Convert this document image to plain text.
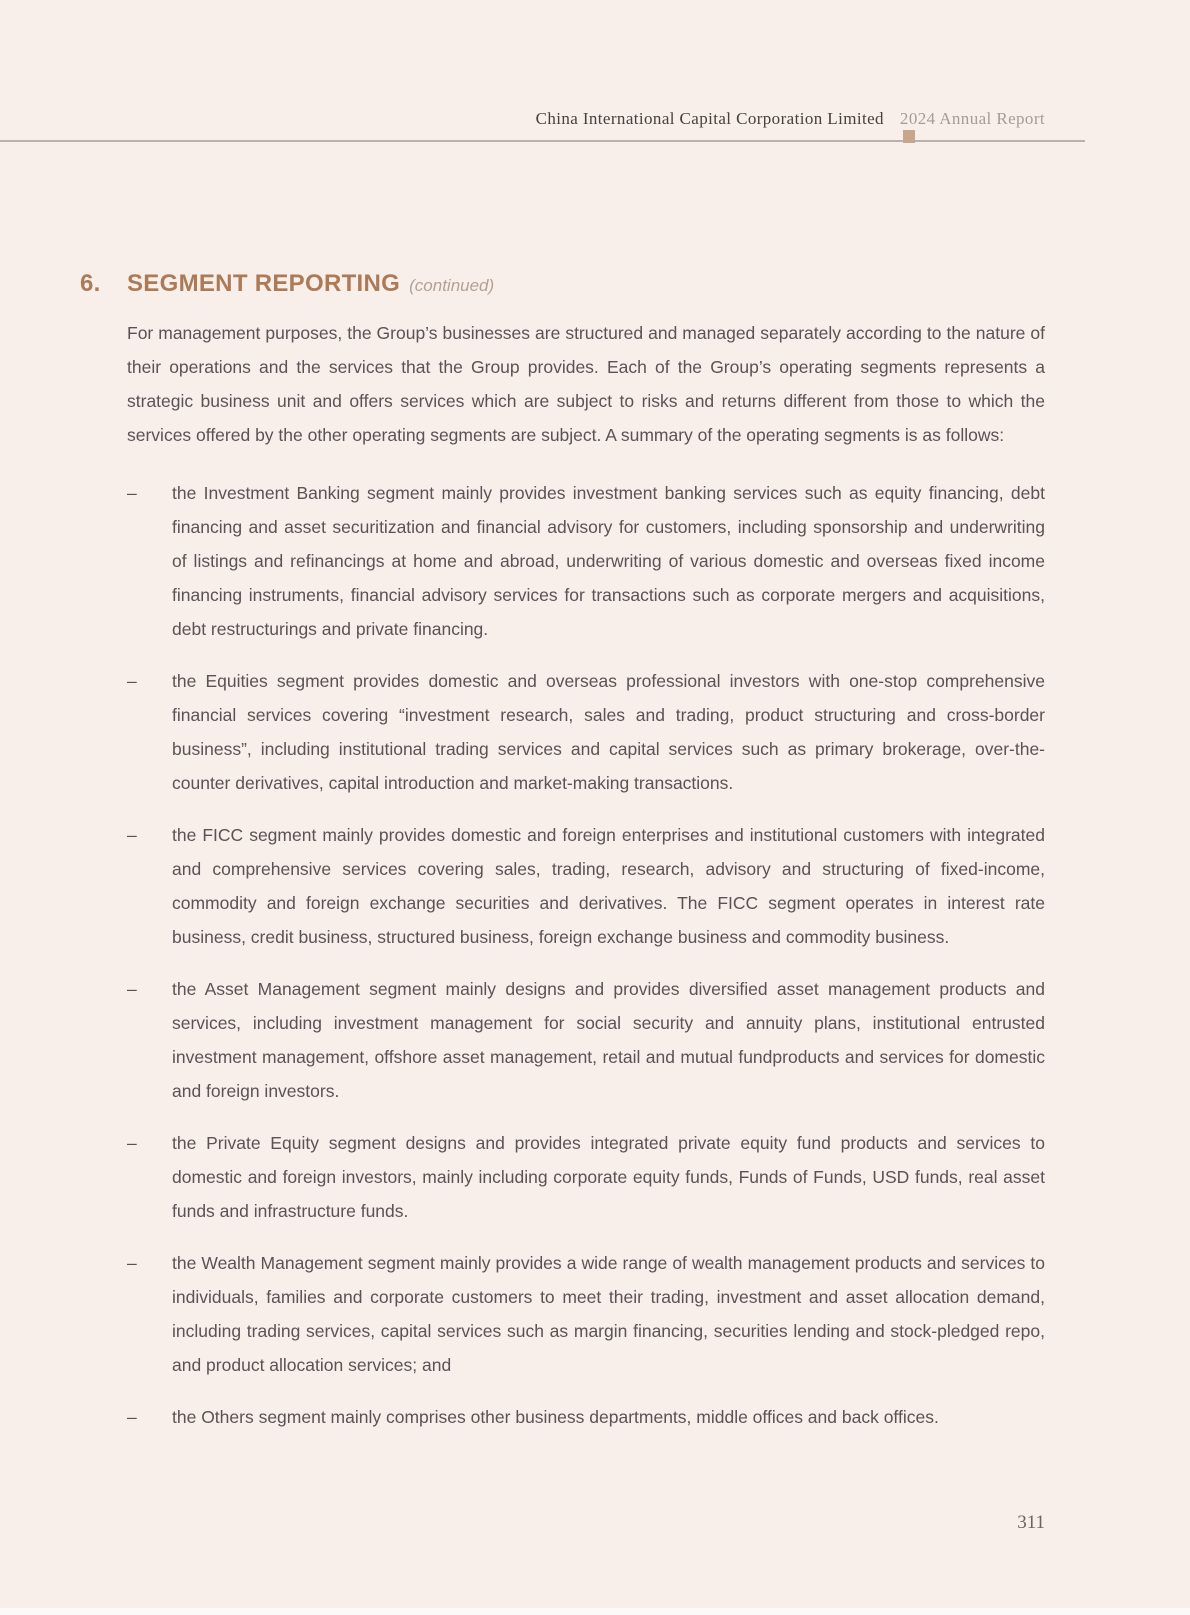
China International Capital Corporation Limited 2024 Annual Report
6. SEGMENT REPORTING (continued)

For management purposes, the Group’s businesses are structured and managed separately according to the nature of their operations and the services that the Group provides. Each of the Group’s operating segments represents a strategic business unit and offers services which are subject to risks and returns different from those to which the services offered by the other operating segments are subject. A summary of the operating segments is as follows:

–	the Investment Banking segment mainly provides investment banking services such as equity financing, debt financing and asset securitization and financial advisory for customers, including sponsorship and underwriting of listings and refinancings at home and abroad, underwriting of various domestic and overseas fixed income financing instruments, financial advisory services for transactions such as corporate mergers and acquisitions, debt restructurings and private financing.

–	the Equities segment provides domestic and overseas professional investors with one-stop comprehensive financial services covering “investment research, sales and trading, product structuring and cross-border business”, including institutional trading services and capital services such as primary brokerage, over-the-counter derivatives, capital introduction and market-making transactions.

–	the FICC segment mainly provides domestic and foreign enterprises and institutional customers with integrated and comprehensive services covering sales, trading, research, advisory and structuring of fixed-income, commodity and foreign exchange securities and derivatives. The FICC segment operates in interest rate business, credit business, structured business, foreign exchange business and commodity business.

–	the Asset Management segment mainly designs and provides diversified asset management products and services, including investment management for social security and annuity plans, institutional entrusted investment management, offshore asset management, retail and mutual fundproducts and services for domestic and foreign investors.

–	the Private Equity segment designs and provides integrated private equity fund products and services to domestic and foreign investors, mainly including corporate equity funds, Funds of Funds, USD funds, real asset funds and infrastructure funds.

–	the Wealth Management segment mainly provides a wide range of wealth management products and services to individuals, families and corporate customers to meet their trading, investment and asset allocation demand, including trading services, capital services such as margin financing, securities lending and stock-pledged repo, and product allocation services; and

–	the Others segment mainly comprises other business departments, middle offices and back offices.

311
